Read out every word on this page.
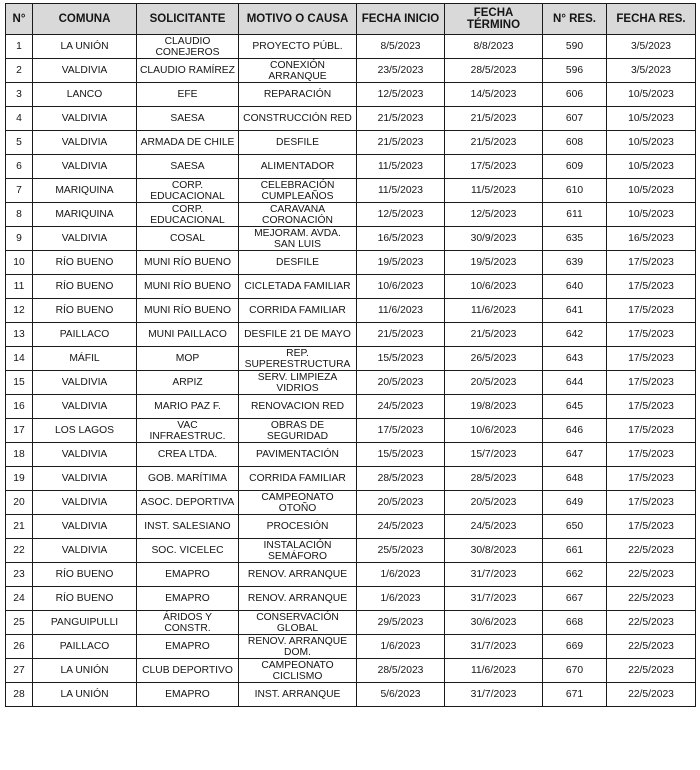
N°	COMUNA	SOLICITANTE	MOTIVO O CAUSA	FECHA INICIO	FECHA
TÉRMINO	N° RES.	FECHA RES.
1	LA UNIÓN	CLAUDIO
CONEJEROS	PROYECTO PÚBL.	8/5/2023	8/8/2023	590	3/5/2023
2	VALDIVIA	CLAUDIO RAMÍREZ	CONEXIÓN
ARRANQUE	23/5/2023	28/5/2023	596	3/5/2023
3	LANCO	EFE	REPARACIÓN	12/5/2023	14/5/2023	606	10/5/2023
4	VALDIVIA	SAESA	CONSTRUCCIÓN RED	21/5/2023	21/5/2023	607	10/5/2023
5	VALDIVIA	ARMADA DE CHILE	DESFILE	21/5/2023	21/5/2023	608	10/5/2023
6	VALDIVIA	SAESA	ALIMENTADOR	11/5/2023	17/5/2023	609	10/5/2023
7	MARIQUINA	CORP.
EDUCACIONAL	CELEBRACIÓN
CUMPLEAÑOS	11/5/2023	11/5/2023	610	10/5/2023
8	MARIQUINA	CORP.
EDUCACIONAL	CARAVANA
CORONACIÓN	12/5/2023	12/5/2023	611	10/5/2023
9	VALDIVIA	COSAL	MEJORAM. AVDA.
SAN LUIS	16/5/2023	30/9/2023	635	16/5/2023
10	RÍO BUENO	MUNI RÍO BUENO	DESFILE	19/5/2023	19/5/2023	639	17/5/2023
11	RÍO BUENO	MUNI RÍO BUENO	CICLETADA FAMILIAR	10/6/2023	10/6/2023	640	17/5/2023
12	RÍO BUENO	MUNI RÍO BUENO	CORRIDA FAMILIAR	11/6/2023	11/6/2023	641	17/5/2023
13	PAILLACO	MUNI PAILLACO	DESFILE 21 DE MAYO	21/5/2023	21/5/2023	642	17/5/2023
14	MÁFIL	MOP	REP.
SUPERESTRUCTURA	15/5/2023	26/5/2023	643	17/5/2023
15	VALDIVIA	ARPIZ	SERV. LIMPIEZA
VIDRIOS	20/5/2023	20/5/2023	644	17/5/2023
16	VALDIVIA	MARIO PAZ F.	RENOVACION RED	24/5/2023	19/8/2023	645	17/5/2023
17	LOS LAGOS	VAC INFRAESTRUC.	OBRAS DE
SEGURIDAD	17/5/2023	10/6/2023	646	17/5/2023
18	VALDIVIA	CREA LTDA.	PAVIMENTACIÓN	15/5/2023	15/7/2023	647	17/5/2023
19	VALDIVIA	GOB. MARÍTIMA	CORRIDA FAMILIAR	28/5/2023	28/5/2023	648	17/5/2023
20	VALDIVIA	ASOC. DEPORTIVA	CAMPEONATO
OTOÑO	20/5/2023	20/5/2023	649	17/5/2023
21	VALDIVIA	INST. SALESIANO	PROCESIÓN	24/5/2023	24/5/2023	650	17/5/2023
22	VALDIVIA	SOC. VICELEC	INSTALACIÓN
SEMÁFORO	25/5/2023	30/8/2023	661	22/5/2023
23	RÍO BUENO	EMAPRO	RENOV. ARRANQUE	1/6/2023	31/7/2023	662	22/5/2023
24	RÍO BUENO	EMAPRO	RENOV. ARRANQUE	1/6/2023	31/7/2023	667	22/5/2023
25	PANGUIPULLI	ÁRIDOS Y CONSTR.	CONSERVACIÓN
GLOBAL	29/5/2023	30/6/2023	668	22/5/2023
26	PAILLACO	EMAPRO	RENOV. ARRANQUE DOM.	1/6/2023	31/7/2023	669	22/5/2023
27	LA UNIÓN	CLUB DEPORTIVO	CAMPEONATO
CICLISMO	28/5/2023	11/6/2023	670	22/5/2023
28	LA UNIÓN	EMAPRO	INST. ARRANQUE	5/6/2023	31/7/2023	671	22/5/2023
